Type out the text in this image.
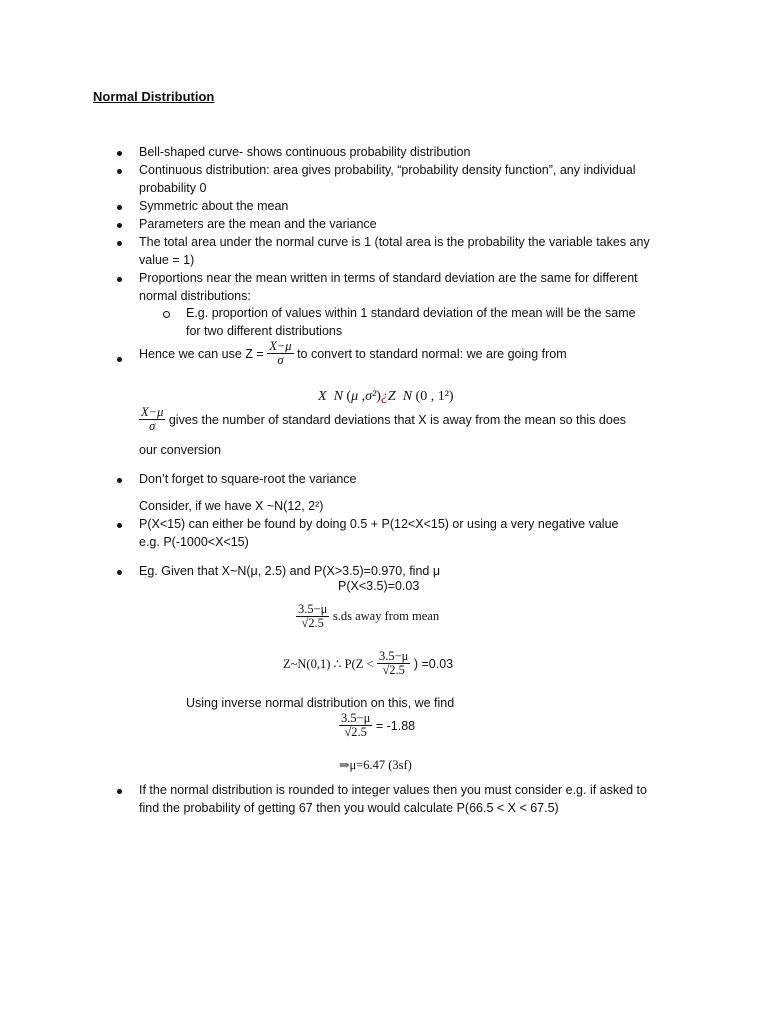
Normal Distribution
Bell-shaped curve- shows continuous probability distribution
Continuous distribution: area gives probability, “probability density function”, any individual
probability 0
Symmetric about the mean
Parameters are the mean and the variance
The total area under the normal curve is 1 (total area is the probability the variable takes any
value = 1)
Proportions near the mean written in terms of standard deviation are the same for different
normal distributions:
E.g. proportion of values within 1 standard deviation of the mean will be the same
for two different distributions
Hence we can use $Z = \frac{X-\mu}{\sigma}$ to convert to standard normal: we are going from
X N (μ ,σ²)¿Z N (0 , 1²)
$\frac{X-\mu}{\sigma}$ gives the number of standard deviations that X is away from the mean so this does
our conversion
Don’t forget to square-root the variance
Consider, if we have X ~N(12, 2²)
P(X<15) can either be found by doing 0.5 + P(12<X<15) or using a very negative value
e.g. P(-1000<X<15)
Eg. Given that X~N(μ, 2.5) and P(X>3.5)=0.970, find μ
P(X<3.5)=0.03
$\frac{3.5-\mu}{√2.5} s.ds$ away from mean
Z~N(0,1) ∴ $P(Z < \frac{3.5-\mu}{√2.5}$ ) =0.03
Using inverse normal distribution on this, we find
$\frac{3.5-\mu}{√2.5} = -1.88$
⇒μ=6.47 (3sf)
If the normal distribution is rounded to integer values then you must consider e.g. if asked to
find the probability of getting 67 then you would calculate P(66.5 < X < 67.5)
